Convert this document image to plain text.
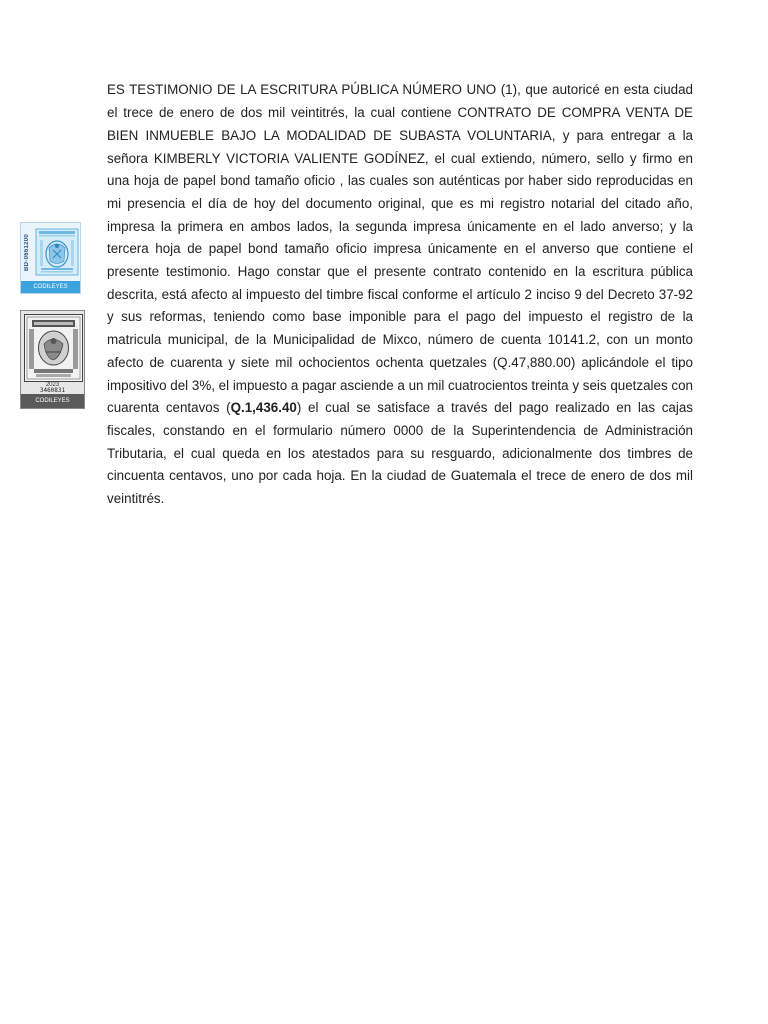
BD-0661200
CODILEYES
2023
3460831
CODILEYES

ES TESTIMONIO DE LA ESCRITURA PÚBLICA NÚMERO UNO (1), que autoricé en esta ciudad el trece de enero de dos mil veintitrés, la cual contiene CONTRATO DE COMPRA VENTA DE BIEN INMUEBLE BAJO LA MODALIDAD DE SUBASTA VOLUNTARIA, y para entregar a la señora KIMBERLY VICTORIA VALIENTE GODÍNEZ, el cual extiendo, número, sello y firmo en una hoja de papel bond tamaño oficio , las cuales son auténticas por haber sido reproducidas en mi presencia el día de hoy del documento original, que es mi registro notarial del citado año, impresa la primera en ambos lados, la segunda impresa únicamente en el lado anverso; y la tercera hoja de papel bond tamaño oficio impresa únicamente en el anverso que contiene el presente testimonio. Hago constar que el presente contrato contenido en la escritura pública descrita, está afecto al impuesto del timbre fiscal conforme el artículo 2 inciso 9 del Decreto 37-92 y sus reformas, teniendo como base imponible para el pago del impuesto el registro de la matricula municipal, de la Municipalidad de Mixco, número de cuenta 10141.2, con un monto afecto de cuarenta y siete mil ochocientos ochenta quetzales (Q.47,880.00) aplicándole el tipo impositivo del 3%, el impuesto a pagar asciende a un mil cuatrocientos treinta y seis quetzales con cuarenta centavos (Q.1,436.40) el cual se satisface a través del pago realizado en las cajas fiscales, constando en el formulario número 0000 de la Superintendencia de Administración Tributaria, el cual queda en los atestados para su resguardo, adicionalmente dos timbres de cincuenta centavos, uno por cada hoja. En la ciudad de Guatemala el trece de enero de dos mil veintitrés.
